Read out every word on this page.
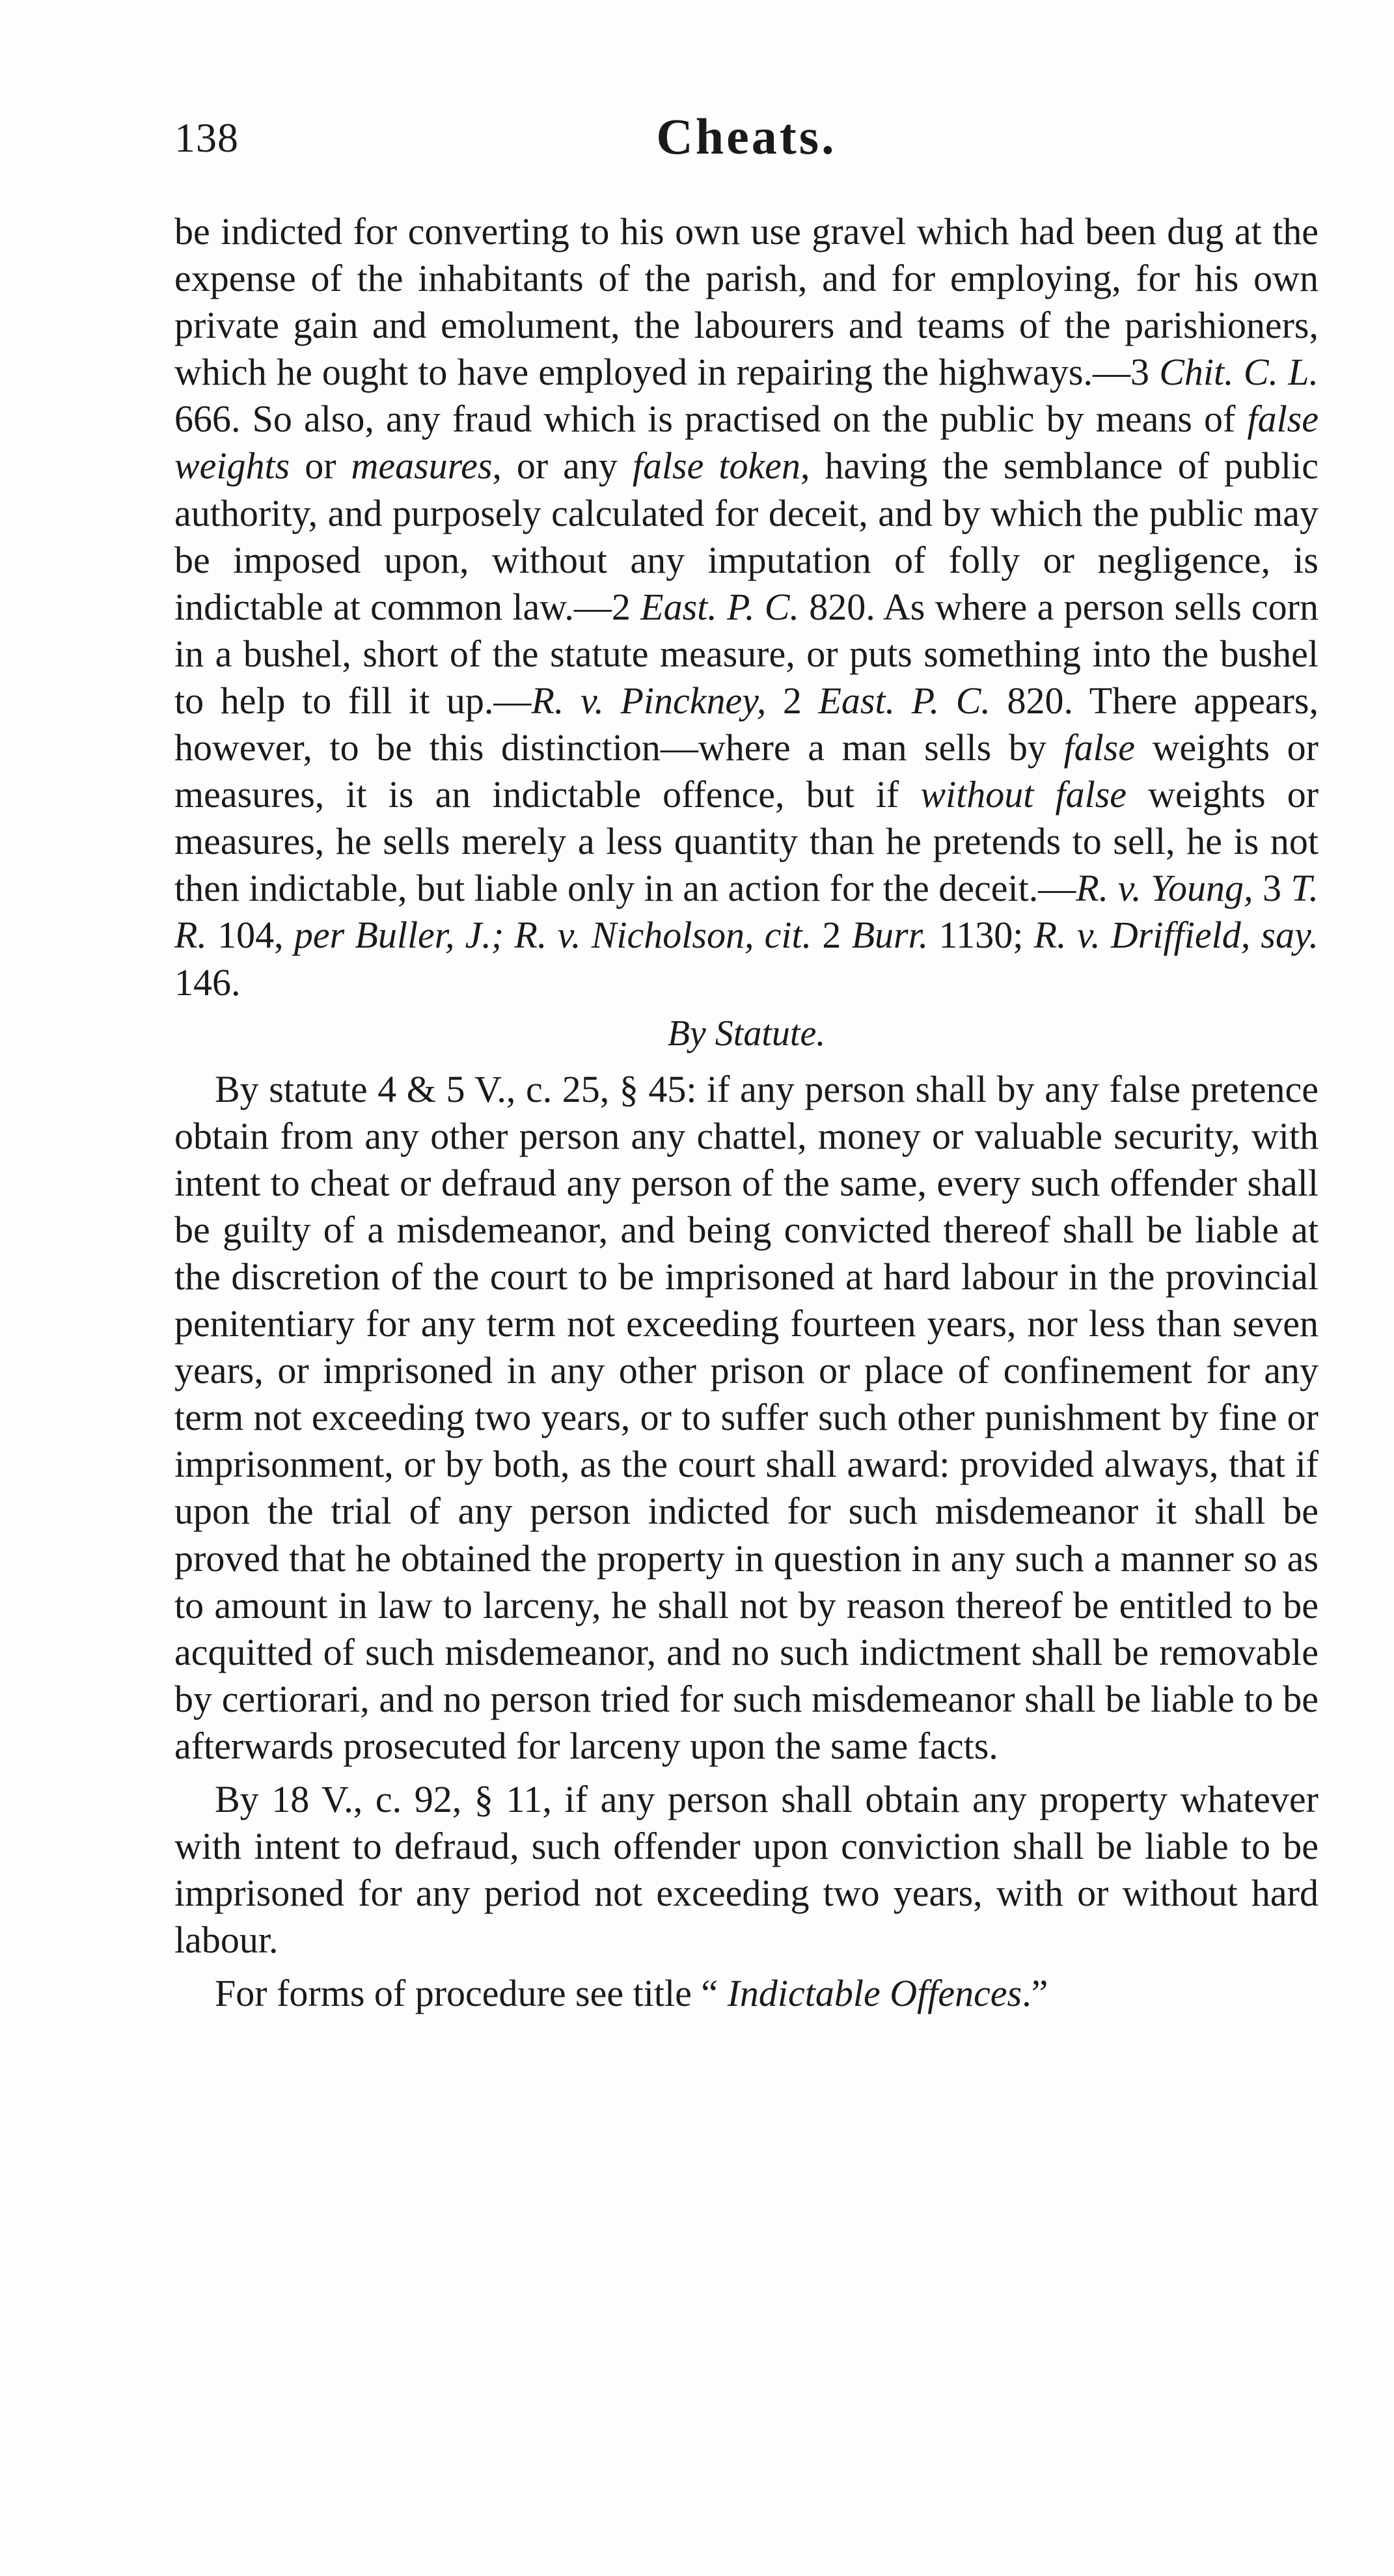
138	Cheats.

be indicted for converting to his own use gravel which had been dug at the expense of the inhabitants of the parish, and for employing, for his own private gain and emolument, the labourers and teams of the parishioners, which he ought to have employed in repairing the highways.—3 Chit. C. L. 666. So also, any fraud which is practised on the public by means of false weights or measures, or any false token, having the semblance of public authority, and purposely calculated for deceit, and by which the public may be imposed upon, without any imputation of folly or negligence, is indictable at common law.—2 East. P. C. 820. As where a person sells corn in a bushel, short of the statute measure, or puts something into the bushel to help to fill it up.—R. v. Pinckney, 2 East. P. C. 820. There appears, however, to be this distinction—where a man sells by false weights or measures, it is an indictable offence, but if without false weights or measures, he sells merely a less quantity than he pretends to sell, he is not then indictable, but liable only in an action for the deceit.—R. v. Young, 3 T. R. 104, per Buller, J.; R. v. Nicholson, cit. 2 Burr. 1130; R. v. Driffield, say. 146.

By Statute.

By statute 4 & 5 V., c. 25, § 45: if any person shall by any false pretence obtain from any other person any chattel, money or valuable security, with intent to cheat or defraud any person of the same, every such offender shall be guilty of a misdemeanor, and being convicted thereof shall be liable at the discretion of the court to be imprisoned at hard labour in the provincial penitentiary for any term not exceeding fourteen years, nor less than seven years, or imprisoned in any other prison or place of confinement for any term not exceeding two years, or to suffer such other punishment by fine or imprisonment, or by both, as the court shall award: provided always, that if upon the trial of any person indicted for such misdemeanor it shall be proved that he obtained the property in question in any such a manner so as to amount in law to larceny, he shall not by reason thereof be entitled to be acquitted of such misdemeanor, and no such indictment shall be removable by certiorari, and no person tried for such misdemeanor shall be liable to be afterwards prosecuted for larceny upon the same facts.

By 18 V., c. 92, § 11, if any person shall obtain any property whatever with intent to defraud, such offender upon conviction shall be liable to be imprisoned for any period not exceeding two years, with or without hard labour.

For forms of procedure see title “ Indictable Offences.”
